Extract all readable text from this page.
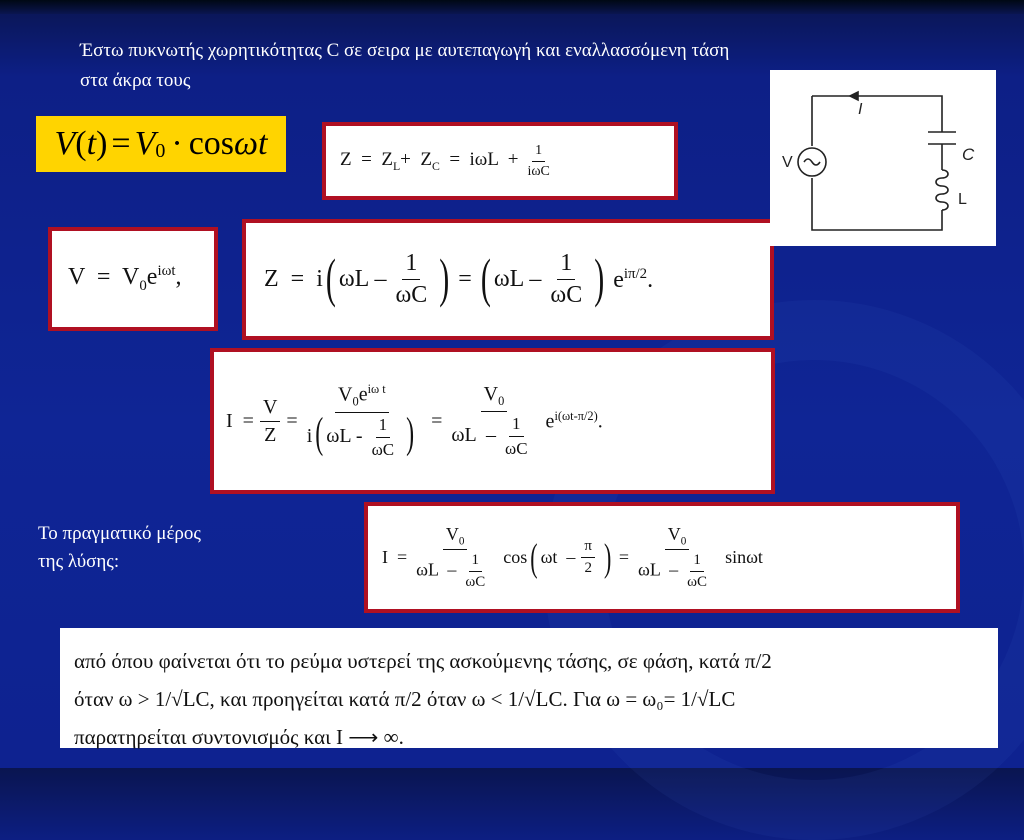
Έστω πυκνωτής χωρητικότητας C σε σειρα με αυτεπαγωγή και εναλλασσόμενη τάση
στα άκρα τους
V ( t ) = $V_0 \cdot \cos \omega t$	$Z = Z_L+ Z_C = i\omega L + \frac{1}{\text{iωC}}$
$V = V_0e^{i\omega t}$,	Z  =  i ( ωL – $\frac{1}{\omega C}$ ) = ( ωL – $\frac{1}{\omega C}$ ) $e^{i\pi/2}$.
$I = \frac{V}{Z} = \frac{V_0e^{i\omega t}}{i ( \omega L - \frac{1}{\omega C} )} = \frac{V_0}{\omega L - \frac{1}{\omega C}} e^{i(\omega t-\pi/2)}$.
Το πραγματικό μέρος
της λύσης:	$I = \frac{V_0}{\omega L - \frac{1}{\omega C}}$ cos ( ωt  – $\frac{\pi}{2}$ ) = $\frac{V_0}{\omega L - \frac{1}{\omega C}}$ sinωt
I
V	C
L
από όπου φαίνεται ότι το ρεύμα υστερεί της ασκούμενης τάσης, σε φάση, κατά π/2
όταν ω > 1/√LC, και προηγείται κατά π/2 όταν ω < 1/√LC. Για ω = ω₀= 1/√LC
παρατηρείται συντονισμός και I ⟶ ∞.
